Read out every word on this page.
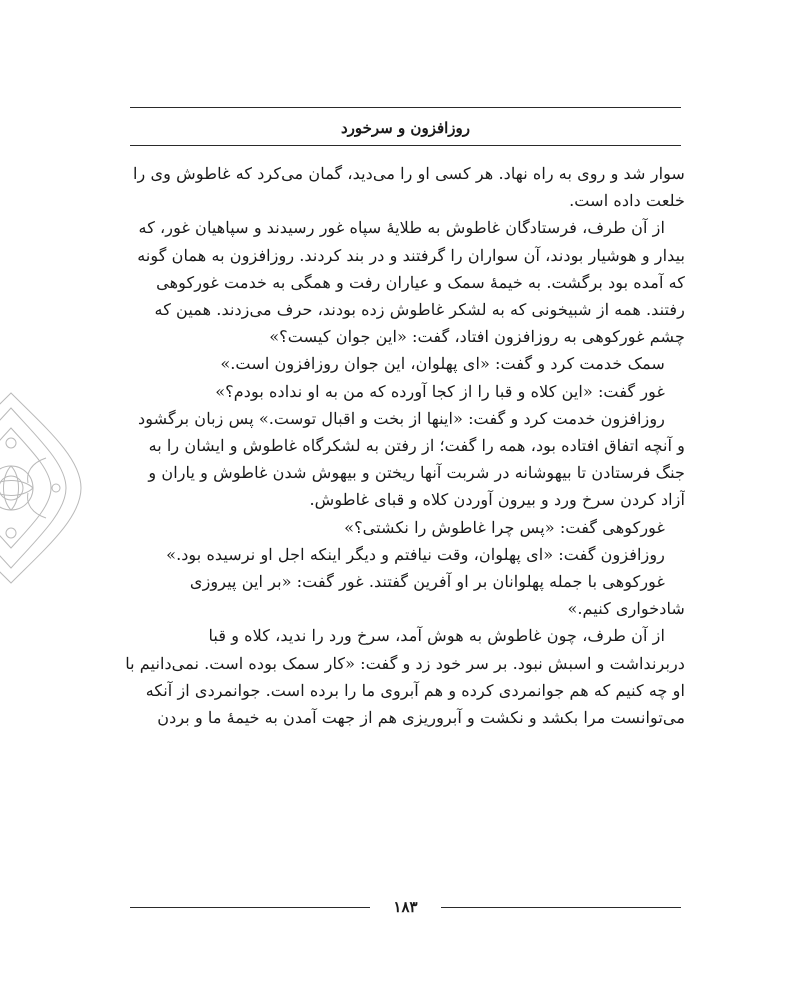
روزافزون و سرخورد
سوار شد و روی به راه نهاد. هر کسی او را می‌دید، گمان می‌کرد که غاطوش وی را
خلعت داده است.
از آن طرف، فرستادگان غاطوش به طلایهٔ سپاه غور رسیدند و سپاهیان غور، که
بیدار و هوشیار بودند، آن سواران را گرفتند و در بند کردند. روزافزون به همان گونه
که آمده بود برگشت. به خیمهٔ سمک و عیاران رفت و همگی به خدمت غورکوهی
رفتند. همه از شبیخونی که به لشکر غاطوش زده بودند، حرف می‌زدند. همین که
چشم غورکوهی به روزافزون افتاد، گفت: «این جوان کیست؟»
سمک خدمت کرد و گفت: «ای پهلوان، این جوان روزافزون است.»
غور گفت: «این کلاه و قبا را از کجا آورده که من به او نداده بودم؟»
روزافزون خدمت کرد و گفت: «اینها از بخت و اقبال توست.» پس زبان برگشود
و آنچه اتفاق افتاده بود، همه را گفت؛ از رفتن به لشکرگاه غاطوش و ایشان را به
جنگ فرستادن تا بیهوشانه در شربت آنها ریختن و بیهوش شدن غاطوش و یاران و
آزاد کردن سرخ ورد و بیرون آوردن کلاه و قبای غاطوش.
غورکوهی گفت: «پس چرا غاطوش را نکشتی؟»
روزافزون گفت: «ای پهلوان، وقت نیافتم و دیگر اینکه اجل او نرسیده بود.»
غورکوهی با جمله پهلوانان بر او آفرین گفتند. غور گفت: «بر این پیروزی
شادخواری کنیم.»
از آن طرف، چون غاطوش به هوش آمد، سرخ ورد را ندید، کلاه و قبا
دربرنداشت و اسبش نبود. بر سر خود زد و گفت: «کار سمک بوده است. نمی‌دانیم با
او چه کنیم که هم جوانمردی کرده و هم آبروی ما را برده است. جوانمردی از آنکه
می‌توانست مرا بکشد و نکشت و آبروریزی هم از جهت آمدن به خیمهٔ ما و بردن
۱۸۳
